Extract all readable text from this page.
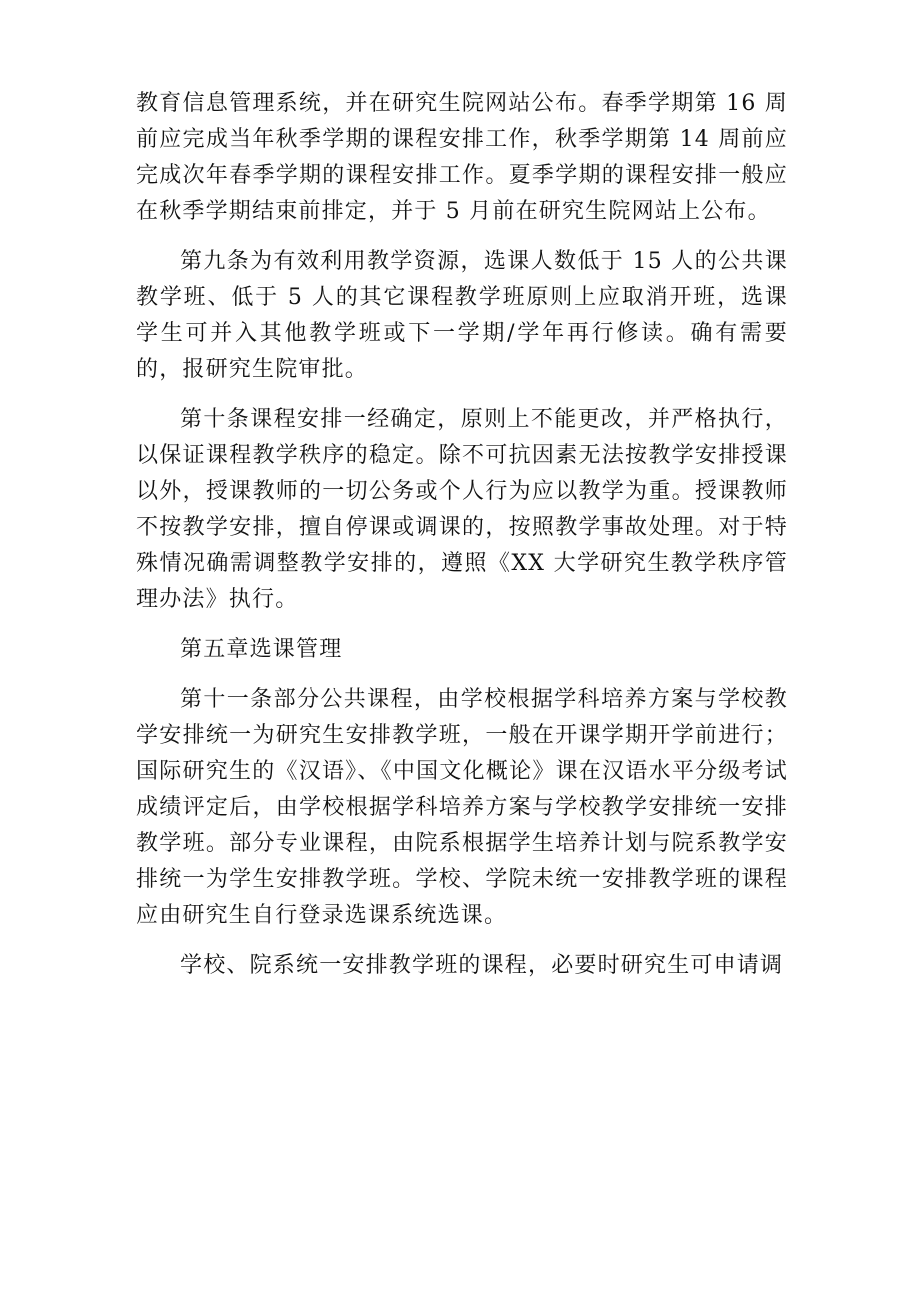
教育信息管理系统，并在研究生院网站公布。春季学期第 16 周前应完成当年秋季学期的课程安排工作，秋季学期第 14 周前应完成次年春季学期的课程安排工作。夏季学期的课程安排一般应在秋季学期结束前排定，并于 5 月前在研究生院网站上公布。

第九条为有效利用教学资源，选课人数低于 15 人的公共课教学班、低于 5 人的其它课程教学班原则上应取消开班，选课学生可并入其他教学班或下一学期/学年再行修读。确有需要的，报研究生院审批。

第十条课程安排一经确定，原则上不能更改，并严格执行，以保证课程教学秩序的稳定。除不可抗因素无法按教学安排授课以外，授课教师的一切公务或个人行为应以教学为重。授课教师不按教学安排，擅自停课或调课的，按照教学事故处理。对于特殊情况确需调整教学安排的，遵照《XX 大学研究生教学秩序管理办法》执行。

第五章选课管理

第十一条部分公共课程，由学校根据学科培养方案与学校教学安排统一为研究生安排教学班，一般在开课学期开学前进行；国际研究生的《汉语》、《中国文化概论》课在汉语水平分级考试成绩评定后，由学校根据学科培养方案与学校教学安排统一安排教学班。部分专业课程，由院系根据学生培养计划与院系教学安排统一为学生安排教学班。学校、学院未统一安排教学班的课程应由研究生自行登录选课系统选课。

学校、院系统一安排教学班的课程，必要时研究生可申请调
